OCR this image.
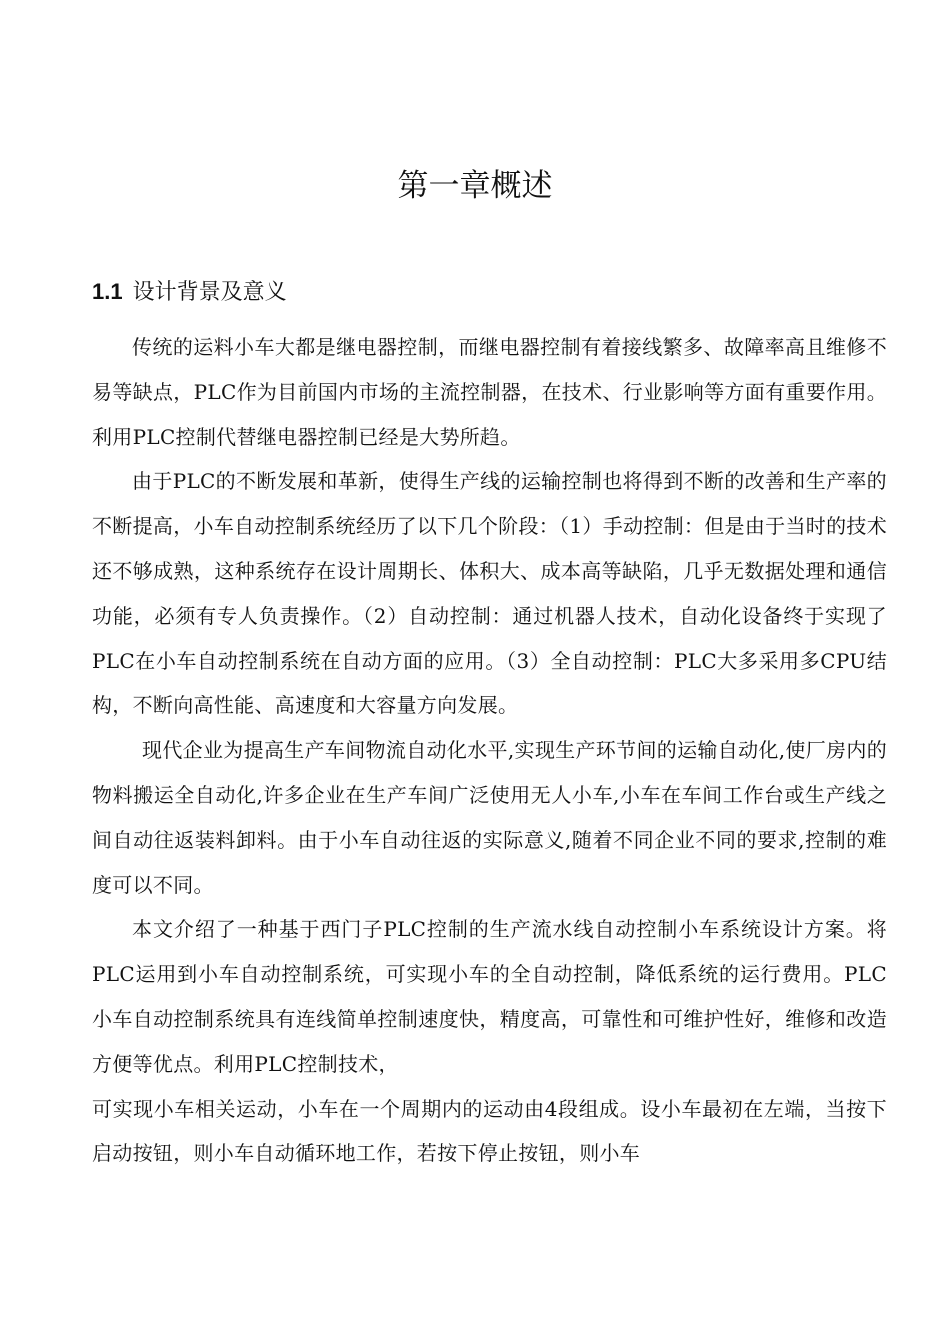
第一章概述
1.1 设计背景及意义

传统的运料小车大都是继电器控制，而继电器控制有着接线繁多、故障率高且维修不易等缺点，PLC作为目前国内市场的主流控制器，在技术、行业影响等方面有重要作用。利用PLC控制代替继电器控制已经是大势所趋。

由于PLC的不断发展和革新，使得生产线的运输控制也将得到不断的改善和生产率的不断提高，小车自动控制系统经历了以下几个阶段：（1）手动控制：但是由于当时的技术还不够成熟，这种系统存在设计周期长、体积大、成本高等缺陷，几乎无数据处理和通信功能，必须有专人负责操作。（2）自动控制：通过机器人技术，自动化设备终于实现了PLC在小车自动控制系统在自动方面的应用。（3）全自动控制：PLC大多采用多CPU结构，不断向高性能、高速度和大容量方向发展。

现代企业为提高生产车间物流自动化水平,实现生产环节间的运输自动化,使厂房内的物料搬运全自动化,许多企业在生产车间广泛使用无人小车,小车在车间工作台或生产线之间自动往返装料卸料。由于小车自动往返的实际意义,随着不同企业不同的要求,控制的难度可以不同。

本文介绍了一种基于西门子PLC控制的生产流水线自动控制小车系统设计方案。将PLC运用到小车自动控制系统，可实现小车的全自动控制，降低系统的运行费用。PLC小车自动控制系统具有连线简单控制速度快，精度高，可靠性和可维护性好，维修和改造方便等优点。利用PLC控制技术，

可实现小车相关运动，小车在一个周期内的运动由4段组成。设小车最初在左端，当按下启动按钮，则小车自动循环地工作，若按下停止按钮，则小车
